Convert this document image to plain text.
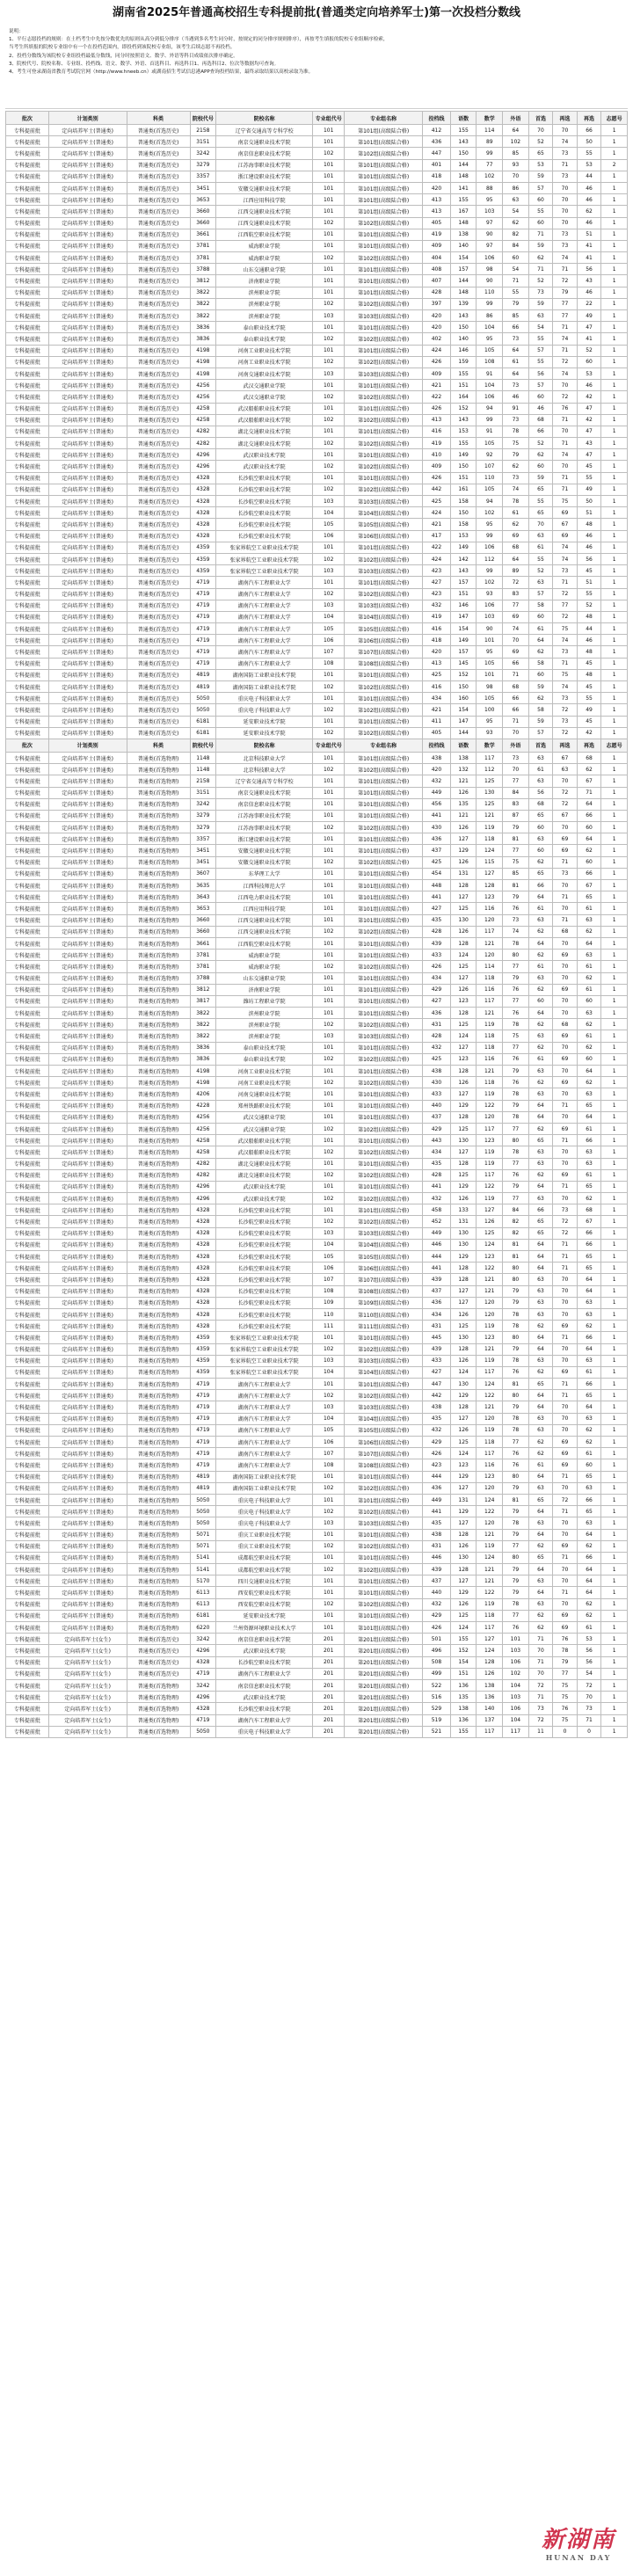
湖南省2025年普通高校招生专科提前批(普通类定向培养军士)第一次投档分数线

说明：

1、平行志愿投档的规则：在土档考生中先按分数优先的原则从高分到低分排序（当遇到多名考生同分时，按规定的同分排序规则排序），再按考生填报的院校专业组顺序检索，

当考生所填报的院校专业组中有一个在投档范围内，即投档到该院校专业组，该考生后续志愿不再投档。

2、投档分数线为该院校专业组投档最低分数线，同分时按照语文、数学、外语等科目成绩依次排序确定。

3、院校代号、院校名称、专业组、投档线、语文、数学、外语、首选科目、再选科目1、再选科目2、位次等数据均可查询。

4、考生可登录湖南省教育考试院官网（http://www.hneeb.cn）或湖南招生考试信息港APP查询投档结果，最终录取结果以高校录取为准。

批次	计划类别	科类	院校代号	院校名称	专业组代号	专业组名称	投档线	语数	数学	外语	首选	再选	再选	志愿号
专科提前批	定向培养军士(普通类)	普通类(首选历史)	2158	辽宁省交通高等专科学校	101	第101组(高级陆合格)	412	155	114	64	70	70	66	1
专科提前批	定向培养军士(普通类)	普通类(首选历史)	3151	南京交通职业技术学院	101	第101组(高级陆合格)	436	143	89	102	52	74	50	1
专科提前批	定向培养军士(普通类)	普通类(首选历史)	3242	南京信息职业技术学院	102	第102组(高级陆合格)	447	150	99	85	65	73	55	1
专科提前批	定向培养军士(普通类)	普通类(首选历史)	3279	江苏海事职业技术学院	101	第101组(高级陆合格)	401	144	77	93	53	71	53	2
专科提前批	定向培养军士(普通类)	普通类(首选历史)	3357	浙江建设职业技术学院	101	第101组(高级陆合格)	418	148	102	70	59	73	44	1
专科提前批	定向培养军士(普通类)	普通类(首选历史)	3451	安徽交通职业技术学院	101	第101组(高级陆合格)	420	141	88	86	57	70	46	1
专科提前批	定向培养军士(普通类)	普通类(首选历史)	3653	江西应用科技学院	101	第101组(高级陆合格)	413	155	95	63	60	70	46	1
专科提前批	定向培养军士(普通类)	普通类(首选历史)	3660	江西交通职业技术学院	101	第101组(高级陆合格)	413	167	103	54	55	70	62	1
专科提前批	定向培养军士(普通类)	普通类(首选历史)	3660	江西交通职业技术学院	102	第102组(高级陆合格)	405	148	97	62	60	70	46	1
专科提前批	定向培养军士(普通类)	普通类(首选历史)	3661	江西航空职业技术学院	101	第101组(高级陆合格)	419	138	90	82	71	73	51	1
专科提前批	定向培养军士(普通类)	普通类(首选历史)	3781	威海职业学院	101	第101组(高级陆合格)	409	140	97	84	59	73	41	1
专科提前批	定向培养军士(普通类)	普通类(首选历史)	3781	威海职业学院	102	第102组(高级陆合格)	404	154	106	60	62	74	41	1
专科提前批	定向培养军士(普通类)	普通类(首选历史)	3788	山东交通职业学院	101	第101组(高级陆合格)	408	157	98	54	71	71	56	1
专科提前批	定向培养军士(普通类)	普通类(首选历史)	3812	济南职业学院	101	第101组(高级陆合格)	407	144	90	71	52	72	43	1
专科提前批	定向培养军士(普通类)	普通类(首选历史)	3822	滨州职业学院	101	第101组(高级陆合格)	428	148	110	55	73	79	46	1
专科提前批	定向培养军士(普通类)	普通类(首选历史)	3822	滨州职业学院	102	第102组(高级陆合格)	397	139	99	79	59	77	22	1
专科提前批	定向培养军士(普通类)	普通类(首选历史)	3822	滨州职业学院	103	第103组(高级陆合格)	420	143	86	85	63	77	49	1
专科提前批	定向培养军士(普通类)	普通类(首选历史)	3836	泰山职业技术学院	101	第101组(高级陆合格)	420	150	104	66	54	71	47	1
专科提前批	定向培养军士(普通类)	普通类(首选历史)	3836	泰山职业技术学院	102	第102组(高级陆合格)	402	140	95	73	55	74	41	1
专科提前批	定向培养军士(普通类)	普通类(首选历史)	4198	河南工业职业技术学院	101	第101组(高级陆合格)	424	146	105	64	57	71	52	1
专科提前批	定向培养军士(普通类)	普通类(首选历史)	4198	河南工业职业技术学院	102	第102组(高级陆合格)	426	159	108	61	55	72	60	1
专科提前批	定向培养军士(普通类)	普通类(首选历史)	4198	河南交通职业技术学院	103	第103组(高级陆合格)	409	155	91	64	56	74	53	1
专科提前批	定向培养军士(普通类)	普通类(首选历史)	4256	武汉交通职业学院	101	第101组(高级陆合格)	421	151	104	73	57	70	46	1
专科提前批	定向培养军士(普通类)	普通类(首选历史)	4256	武汉交通职业学院	102	第102组(高级陆合格)	422	164	106	46	60	72	42	1
专科提前批	定向培养军士(普通类)	普通类(首选历史)	4258	武汉船舶职业技术学院	101	第101组(高级陆合格)	426	152	94	91	46	76	47	1
专科提前批	定向培养军士(普通类)	普通类(首选历史)	4258	武汉船舶职业技术学院	102	第102组(高级陆合格)	413	143	99	73	68	71	42	1
专科提前批	定向培养军士(普通类)	普通类(首选历史)	4282	湖北交通职业技术学院	101	第101组(高级陆合格)	416	153	91	78	66	70	47	1
专科提前批	定向培养军士(普通类)	普通类(首选历史)	4282	湖北交通职业技术学院	102	第102组(高级陆合格)	419	155	105	75	52	71	43	1
专科提前批	定向培养军士(普通类)	普通类(首选历史)	4296	武汉职业技术学院	101	第101组(高级陆合格)	410	149	92	79	62	74	47	1
专科提前批	定向培养军士(普通类)	普通类(首选历史)	4296	武汉职业技术学院	102	第102组(高级陆合格)	409	150	107	62	60	70	45	1
专科提前批	定向培养军士(普通类)	普通类(首选历史)	4328	长沙航空职业技术学院	101	第101组(高级陆合格)	426	151	110	73	59	71	55	1
专科提前批	定向培养军士(普通类)	普通类(首选历史)	4328	长沙航空职业技术学院	102	第102组(高级陆合格)	442	161	105	74	65	71	49	1
专科提前批	定向培养军士(普通类)	普通类(首选历史)	4328	长沙航空职业技术学院	103	第103组(高级陆合格)	425	158	94	78	55	75	50	1
专科提前批	定向培养军士(普通类)	普通类(首选历史)	4328	长沙航空职业技术学院	104	第104组(高级陆合格)	424	150	102	61	65	69	51	1
专科提前批	定向培养军士(普通类)	普通类(首选历史)	4328	长沙航空职业技术学院	105	第105组(高级陆合格)	421	158	95	62	70	67	48	1
专科提前批	定向培养军士(普通类)	普通类(首选历史)	4328	长沙航空职业技术学院	106	第106组(高级陆合格)	417	153	99	69	63	69	46	1
专科提前批	定向培养军士(普通类)	普通类(首选历史)	4359	张家界航空工业职业技术学院	101	第101组(高级陆合格)	422	149	106	68	61	74	46	1
专科提前批	定向培养军士(普通类)	普通类(首选历史)	4359	张家界航空工业职业技术学院	102	第102组(高级陆合格)	424	142	112	64	55	74	56	1
专科提前批	定向培养军士(普通类)	普通类(首选历史)	4359	张家界航空工业职业技术学院	103	第103组(高级陆合格)	423	143	99	89	52	73	45	1
专科提前批	定向培养军士(普通类)	普通类(首选历史)	4719	湖南汽车工程职业大学	101	第101组(高级陆合格)	427	157	102	72	63	71	51	1
专科提前批	定向培养军士(普通类)	普通类(首选历史)	4719	湖南汽车工程职业大学	102	第102组(高级陆合格)	423	151	93	83	57	72	55	1
专科提前批	定向培养军士(普通类)	普通类(首选历史)	4719	湖南汽车工程职业大学	103	第103组(高级陆合格)	432	146	106	77	58	77	52	1
专科提前批	定向培养军士(普通类)	普通类(首选历史)	4719	湖南汽车工程职业大学	104	第104组(高级陆合格)	419	147	103	69	60	72	48	1
专科提前批	定向培养军士(普通类)	普通类(首选历史)	4719	湖南汽车工程职业大学	105	第105组(高级陆合格)	416	154	90	74	61	75	44	1
专科提前批	定向培养军士(普通类)	普通类(首选历史)	4719	湖南汽车工程职业大学	106	第106组(高级陆合格)	418	149	101	70	64	74	46	1
专科提前批	定向培养军士(普通类)	普通类(首选历史)	4719	湖南汽车工程职业大学	107	第107组(高级陆合格)	420	157	95	69	62	73	48	1
专科提前批	定向培养军士(普通类)	普通类(首选历史)	4719	湖南汽车工程职业大学	108	第108组(高级陆合格)	413	145	105	66	58	71	45	1
专科提前批	定向培养军士(普通类)	普通类(首选历史)	4819	湖南国防工业职业技术学院	101	第101组(高级陆合格)	425	152	101	71	60	75	48	1
专科提前批	定向培养军士(普通类)	普通类(首选历史)	4819	湖南国防工业职业技术学院	102	第102组(高级陆合格)	416	150	98	68	59	74	45	1
专科提前批	定向培养军士(普通类)	普通类(首选历史)	5050	重庆电子科技职业大学	101	第101组(高级陆合格)	434	160	105	66	62	73	55	1
专科提前批	定向培养军士(普通类)	普通类(首选历史)	5050	重庆电子科技职业大学	102	第102组(高级陆合格)	421	154	100	66	58	72	49	1
专科提前批	定向培养军士(普通类)	普通类(首选历史)	6181	延安职业技术学院	101	第101组(高级陆合格)	411	147	95	71	59	73	45	1
专科提前批	定向培养军士(普通类)	普通类(首选历史)	6181	延安职业技术学院	102	第102组(高级陆合格)	405	144	93	70	57	72	42	1
批次	计划类别	科类	院校代号	院校名称	专业组代号	专业组名称	投档线	语数	数学	外语	首选	再选	再选	志愿号
专科提前批	定向培养军士(普通类)	普通类(首选物理)	1148	北京科技职业大学	101	第101组(高级陆合格)	438	138	117	73	63	67	68	1
专科提前批	定向培养军士(普通类)	普通类(首选物理)	1148	北京科技职业大学	102	第102组(高级陆合格)	420	132	112	70	61	63	62	1
专科提前批	定向培养军士(普通类)	普通类(首选物理)	2158	辽宁省交通高等专科学校	101	第101组(高级陆合格)	432	121	125	77	63	70	67	1
专科提前批	定向培养军士(普通类)	普通类(首选物理)	3151	南京交通职业技术学院	101	第101组(高级陆合格)	449	126	130	84	56	72	71	1
专科提前批	定向培养军士(普通类)	普通类(首选物理)	3242	南京信息职业技术学院	101	第101组(高级陆合格)	456	135	125	83	68	72	64	1
专科提前批	定向培养军士(普通类)	普通类(首选物理)	3279	江苏海事职业技术学院	101	第101组(高级陆合格)	441	121	121	87	65	67	66	1
专科提前批	定向培养军士(普通类)	普通类(首选物理)	3279	江苏海事职业技术学院	102	第102组(高级陆合格)	430	126	119	79	60	70	60	1
专科提前批	定向培养军士(普通类)	普通类(首选物理)	3357	浙江建设职业技术学院	101	第101组(高级陆合格)	436	127	118	81	63	69	64	1
专科提前批	定向培养军士(普通类)	普通类(首选物理)	3451	安徽交通职业技术学院	101	第101组(高级陆合格)	437	129	124	77	60	69	62	1
专科提前批	定向培养军士(普通类)	普通类(首选物理)	3451	安徽交通职业技术学院	102	第102组(高级陆合格)	425	126	115	75	62	71	60	1
专科提前批	定向培养军士(普通类)	普通类(首选物理)	3607	东华理工大学	101	第101组(高级陆合格)	454	131	127	85	65	73	66	1
专科提前批	定向培养军士(普通类)	普通类(首选物理)	3635	江西科技师范大学	101	第101组(高级陆合格)	448	128	128	81	66	70	67	1
专科提前批	定向培养军士(普通类)	普通类(首选物理)	3643	江西电力职业技术学院	101	第101组(高级陆合格)	441	127	123	79	64	71	65	1
专科提前批	定向培养军士(普通类)	普通类(首选物理)	3653	江西应用科技学院	101	第101组(高级陆合格)	427	125	116	76	61	70	61	1
专科提前批	定向培养军士(普通类)	普通类(首选物理)	3660	江西交通职业技术学院	101	第101组(高级陆合格)	435	130	120	73	63	71	63	1
专科提前批	定向培养军士(普通类)	普通类(首选物理)	3660	江西交通职业技术学院	102	第102组(高级陆合格)	428	126	117	74	62	68	62	1
专科提前批	定向培养军士(普通类)	普通类(首选物理)	3661	江西航空职业技术学院	101	第101组(高级陆合格)	439	128	121	78	64	70	64	1
专科提前批	定向培养军士(普通类)	普通类(首选物理)	3781	威海职业学院	101	第101组(高级陆合格)	433	124	120	80	62	69	63	1
专科提前批	定向培养军士(普通类)	普通类(首选物理)	3781	威海职业学院	102	第102组(高级陆合格)	426	125	114	77	61	70	61	1
专科提前批	定向培养军士(普通类)	普通类(首选物理)	3788	山东交通职业学院	101	第101组(高级陆合格)	434	127	118	79	63	70	62	1
专科提前批	定向培养军士(普通类)	普通类(首选物理)	3812	济南职业学院	101	第101组(高级陆合格)	429	126	116	76	62	69	61	1
专科提前批	定向培养军士(普通类)	普通类(首选物理)	3817	潍坊工程职业学院	101	第101组(高级陆合格)	427	123	117	77	60	70	60	1
专科提前批	定向培养军士(普通类)	普通类(首选物理)	3822	滨州职业学院	101	第101组(高级陆合格)	436	128	121	76	64	70	63	1
专科提前批	定向培养军士(普通类)	普通类(首选物理)	3822	滨州职业学院	102	第102组(高级陆合格)	431	125	119	78	62	68	62	1
专科提前批	定向培养军士(普通类)	普通类(首选物理)	3822	滨州职业学院	103	第103组(高级陆合格)	428	124	118	75	63	69	61	1
专科提前批	定向培养军士(普通类)	普通类(首选物理)	3836	泰山职业技术学院	101	第101组(高级陆合格)	432	127	118	77	62	70	62	1
专科提前批	定向培养军士(普通类)	普通类(首选物理)	3836	泰山职业技术学院	102	第102组(高级陆合格)	425	123	116	76	61	69	60	1
专科提前批	定向培养军士(普通类)	普通类(首选物理)	4198	河南工业职业技术学院	101	第101组(高级陆合格)	438	128	121	79	63	70	64	1
专科提前批	定向培养军士(普通类)	普通类(首选物理)	4198	河南工业职业技术学院	102	第102组(高级陆合格)	430	126	118	76	62	69	62	1
专科提前批	定向培养军士(普通类)	普通类(首选物理)	4206	河南交通职业技术学院	101	第101组(高级陆合格)	433	127	119	78	63	70	63	1
专科提前批	定向培养军士(普通类)	普通类(首选物理)	4228	郑州铁路职业技术学院	101	第101组(高级陆合格)	440	129	122	79	64	71	65	1
专科提前批	定向培养军士(普通类)	普通类(首选物理)	4256	武汉交通职业学院	101	第101组(高级陆合格)	437	128	120	78	64	70	64	1
专科提前批	定向培养军士(普通类)	普通类(首选物理)	4256	武汉交通职业学院	102	第102组(高级陆合格)	429	125	117	77	62	69	61	1
专科提前批	定向培养军士(普通类)	普通类(首选物理)	4258	武汉船舶职业技术学院	101	第101组(高级陆合格)	443	130	123	80	65	71	66	1
专科提前批	定向培养军士(普通类)	普通类(首选物理)	4258	武汉船舶职业技术学院	102	第102组(高级陆合格)	434	127	119	78	63	70	63	1
专科提前批	定向培养军士(普通类)	普通类(首选物理)	4282	湖北交通职业技术学院	101	第101组(高级陆合格)	435	128	119	77	63	70	63	1
专科提前批	定向培养军士(普通类)	普通类(首选物理)	4282	湖北交通职业技术学院	102	第102组(高级陆合格)	428	125	117	76	62	69	61	1
专科提前批	定向培养军士(普通类)	普通类(首选物理)	4296	武汉职业技术学院	101	第101组(高级陆合格)	441	129	122	79	64	71	65	1
专科提前批	定向培养军士(普通类)	普通类(首选物理)	4296	武汉职业技术学院	102	第102组(高级陆合格)	432	126	119	77	63	70	62	1
专科提前批	定向培养军士(普通类)	普通类(首选物理)	4328	长沙航空职业技术学院	101	第101组(高级陆合格)	458	133	127	84	66	73	68	1
专科提前批	定向培养军士(普通类)	普通类(首选物理)	4328	长沙航空职业技术学院	102	第102组(高级陆合格)	452	131	126	82	65	72	67	1
专科提前批	定向培养军士(普通类)	普通类(首选物理)	4328	长沙航空职业技术学院	103	第103组(高级陆合格)	449	130	125	82	65	72	66	1
专科提前批	定向培养军士(普通类)	普通类(首选物理)	4328	长沙航空职业技术学院	104	第104组(高级陆合格)	446	130	124	81	64	71	66	1
专科提前批	定向培养军士(普通类)	普通类(首选物理)	4328	长沙航空职业技术学院	105	第105组(高级陆合格)	444	129	123	81	64	71	65	1
专科提前批	定向培养军士(普通类)	普通类(首选物理)	4328	长沙航空职业技术学院	106	第106组(高级陆合格)	441	128	122	80	64	71	65	1
专科提前批	定向培养军士(普通类)	普通类(首选物理)	4328	长沙航空职业技术学院	107	第107组(高级陆合格)	439	128	121	80	63	70	64	1
专科提前批	定向培养军士(普通类)	普通类(首选物理)	4328	长沙航空职业技术学院	108	第108组(高级陆合格)	437	127	121	79	63	70	64	1
专科提前批	定向培养军士(普通类)	普通类(首选物理)	4328	长沙航空职业技术学院	109	第109组(高级陆合格)	436	127	120	79	63	70	63	1
专科提前批	定向培养军士(普通类)	普通类(首选物理)	4328	长沙航空职业技术学院	110	第110组(高级陆合格)	434	126	120	78	63	70	63	1
专科提前批	定向培养军士(普通类)	普通类(首选物理)	4328	长沙航空职业技术学院	111	第111组(高级陆合格)	431	125	119	78	62	69	62	1
专科提前批	定向培养军士(普通类)	普通类(首选物理)	4359	张家界航空工业职业技术学院	101	第101组(高级陆合格)	445	130	123	80	64	71	66	1
专科提前批	定向培养军士(普通类)	普通类(首选物理)	4359	张家界航空工业职业技术学院	102	第102组(高级陆合格)	439	128	121	79	64	70	64	1
专科提前批	定向培养军士(普通类)	普通类(首选物理)	4359	张家界航空工业职业技术学院	103	第103组(高级陆合格)	433	126	119	78	63	70	63	1
专科提前批	定向培养军士(普通类)	普通类(首选物理)	4359	张家界航空工业职业技术学院	104	第104组(高级陆合格)	427	124	117	76	62	69	61	1
专科提前批	定向培养军士(普通类)	普通类(首选物理)	4719	湖南汽车工程职业大学	101	第101组(高级陆合格)	447	130	124	81	65	71	66	1
专科提前批	定向培养军士(普通类)	普通类(首选物理)	4719	湖南汽车工程职业大学	102	第102组(高级陆合格)	442	129	122	80	64	71	65	1
专科提前批	定向培养军士(普通类)	普通类(首选物理)	4719	湖南汽车工程职业大学	103	第103组(高级陆合格)	438	128	121	79	64	70	64	1
专科提前批	定向培养军士(普通类)	普通类(首选物理)	4719	湖南汽车工程职业大学	104	第104组(高级陆合格)	435	127	120	78	63	70	63	1
专科提前批	定向培养军士(普通类)	普通类(首选物理)	4719	湖南汽车工程职业大学	105	第105组(高级陆合格)	432	126	119	78	63	70	62	1
专科提前批	定向培养军士(普通类)	普通类(首选物理)	4719	湖南汽车工程职业大学	106	第106组(高级陆合格)	429	125	118	77	62	69	62	1
专科提前批	定向培养军士(普通类)	普通类(首选物理)	4719	湖南汽车工程职业大学	107	第107组(高级陆合格)	426	124	117	76	62	69	61	1
专科提前批	定向培养军士(普通类)	普通类(首选物理)	4719	湖南汽车工程职业大学	108	第108组(高级陆合格)	423	123	116	76	61	69	60	1
专科提前批	定向培养军士(普通类)	普通类(首选物理)	4819	湖南国防工业职业技术学院	101	第101组(高级陆合格)	444	129	123	80	64	71	65	1
专科提前批	定向培养军士(普通类)	普通类(首选物理)	4819	湖南国防工业职业技术学院	102	第102组(高级陆合格)	436	127	120	79	63	70	63	1
专科提前批	定向培养军士(普通类)	普通类(首选物理)	5050	重庆电子科技职业大学	101	第101组(高级陆合格)	449	131	124	81	65	72	66	1
专科提前批	定向培养军士(普通类)	普通类(首选物理)	5050	重庆电子科技职业大学	102	第102组(高级陆合格)	441	129	122	79	64	71	65	1
专科提前批	定向培养军士(普通类)	普通类(首选物理)	5050	重庆电子科技职业大学	103	第103组(高级陆合格)	435	127	120	78	63	70	63	1
专科提前批	定向培养军士(普通类)	普通类(首选物理)	5071	重庆工业职业技术学院	101	第101组(高级陆合格)	438	128	121	79	64	70	64	1
专科提前批	定向培养军士(普通类)	普通类(首选物理)	5071	重庆工业职业技术学院	102	第102组(高级陆合格)	431	126	119	77	62	69	62	1
专科提前批	定向培养军士(普通类)	普通类(首选物理)	5141	成都航空职业技术学院	101	第101组(高级陆合格)	446	130	124	80	65	71	66	1
专科提前批	定向培养军士(普通类)	普通类(首选物理)	5141	成都航空职业技术学院	102	第102组(高级陆合格)	439	128	121	79	64	70	64	1
专科提前批	定向培养军士(普通类)	普通类(首选物理)	5170	四川交通职业技术学院	101	第101组(高级陆合格)	437	127	121	79	63	70	64	1
专科提前批	定向培养军士(普通类)	普通类(首选物理)	6113	西安航空职业技术学院	101	第101组(高级陆合格)	440	129	122	79	64	71	64	1
专科提前批	定向培养军士(普通类)	普通类(首选物理)	6113	西安航空职业技术学院	102	第102组(高级陆合格)	432	126	119	78	63	70	62	1
专科提前批	定向培养军士(普通类)	普通类(首选物理)	6181	延安职业技术学院	101	第101组(高级陆合格)	429	125	118	77	62	69	62	1
专科提前批	定向培养军士(普通类)	普通类(首选物理)	6220	兰州资源环境职业技术大学	101	第101组(高级陆合格)	426	124	117	76	62	69	61	1
专科提前批	定向培养军士(女生)	普通类(首选历史)	3242	南京信息职业技术学院	201	第201组(高级陆合格)	501	155	127	101	71	76	53	1
专科提前批	定向培养军士(女生)	普通类(首选历史)	4296	武汉职业技术学院	201	第201组(高级陆合格)	496	152	124	103	70	78	56	1
专科提前批	定向培养军士(女生)	普通类(首选历史)	4328	长沙航空职业技术学院	201	第201组(高级陆合格)	508	154	128	106	71	79	56	1
专科提前批	定向培养军士(女生)	普通类(首选历史)	4719	湖南汽车工程职业大学	201	第201组(高级陆合格)	499	151	126	102	70	77	54	1
专科提前批	定向培养军士(女生)	普通类(首选物理)	3242	南京信息职业技术学院	201	第201组(高级陆合格)	522	136	138	104	72	75	72	1
专科提前批	定向培养军士(女生)	普通类(首选物理)	4296	武汉职业技术学院	201	第201组(高级陆合格)	516	135	136	103	71	75	70	1
专科提前批	定向培养军士(女生)	普通类(首选物理)	4328	长沙航空职业技术学院	201	第201组(高级陆合格)	529	138	140	106	73	76	73	1
专科提前批	定向培养军士(女生)	普通类(首选物理)	4719	湖南汽车工程职业大学	201	第201组(高级陆合格)	519	136	137	104	72	75	71	1
专科提前批	定向培养军士(女生)	普通类(首选物理)	5050	重庆电子科技职业大学	201	第201组(高级陆合格)	521	155	117	117	11	0	0	1
新湖南
HUNAN DAY
